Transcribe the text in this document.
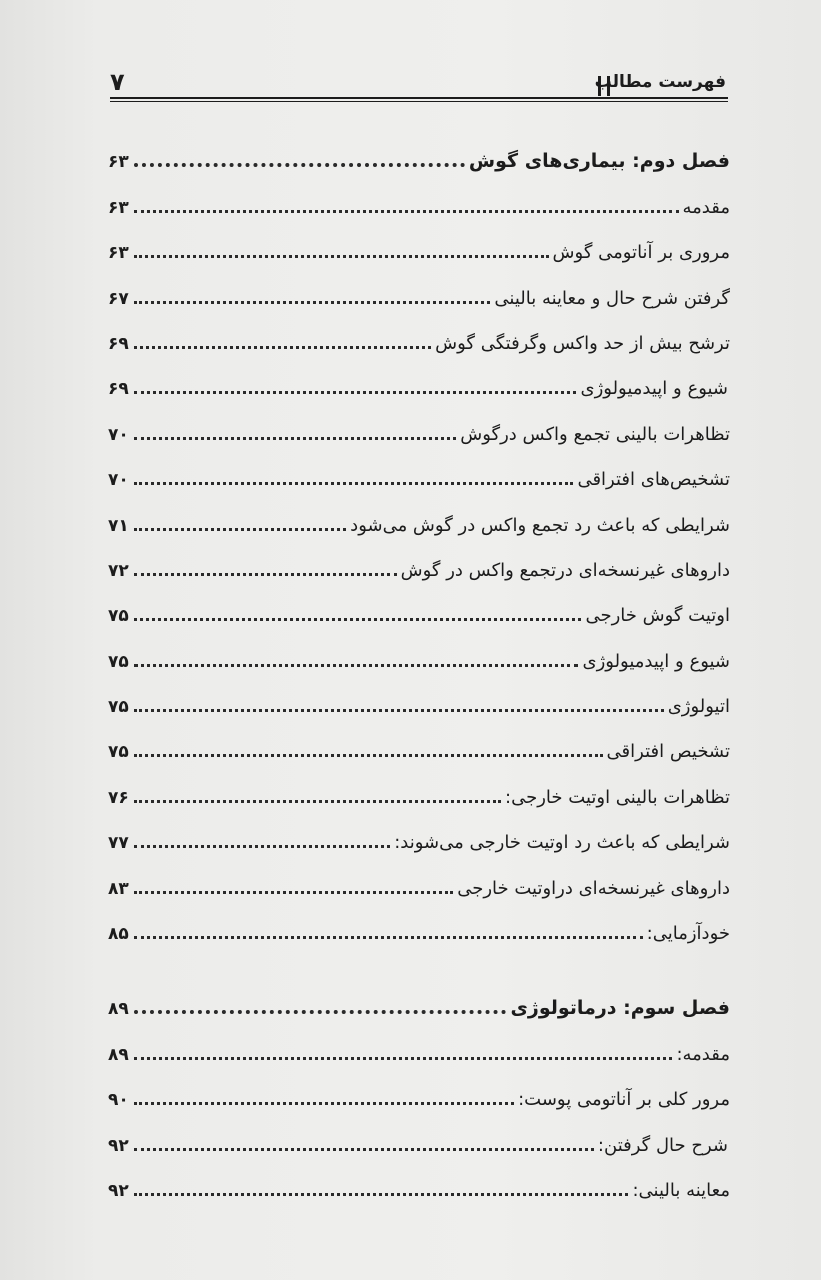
فهرست مطالب
۷
فصل دوم: بیماری‌های گوش
۶۳
مقدمه
۶۳
مروری بر آناتومی گوش
۶۳
گرفتن شرح حال و معاینه بالینی
۶۷
ترشح بیش از حد واکس وگرفتگی گوش
۶۹
شیوع و اپیدمیولوژی
۶۹
تظاهرات بالینی تجمع واکس درگوش
۷۰
تشخیص‌های افتراقی
۷۰
شرایطی که باعث رد تجمع واکس در گوش می‌شود
۷۱
داروهای غیرنسخه‌ای درتجمع واکس در گوش
۷۲
اوتیت گوش خارجی
۷۵
شیوع و اپیدمیولوژی
۷۵
اتیولوژی
۷۵
تشخیص افتراقی
۷۵
تظاهرات بالینی اوتیت خارجی:
۷۶
شرایطی که باعث رد اوتیت خارجی می‌شوند:
۷۷
داروهای غیرنسخه‌ای دراوتیت خارجی
۸۳
خودآزمایی:
۸۵
فصل سوم: درماتولوژی
۸۹
مقدمه:
۸۹
مرور کلی بر آناتومی پوست:
۹۰
شرح حال گرفتن:
۹۲
معاینه بالینی:
۹۲
